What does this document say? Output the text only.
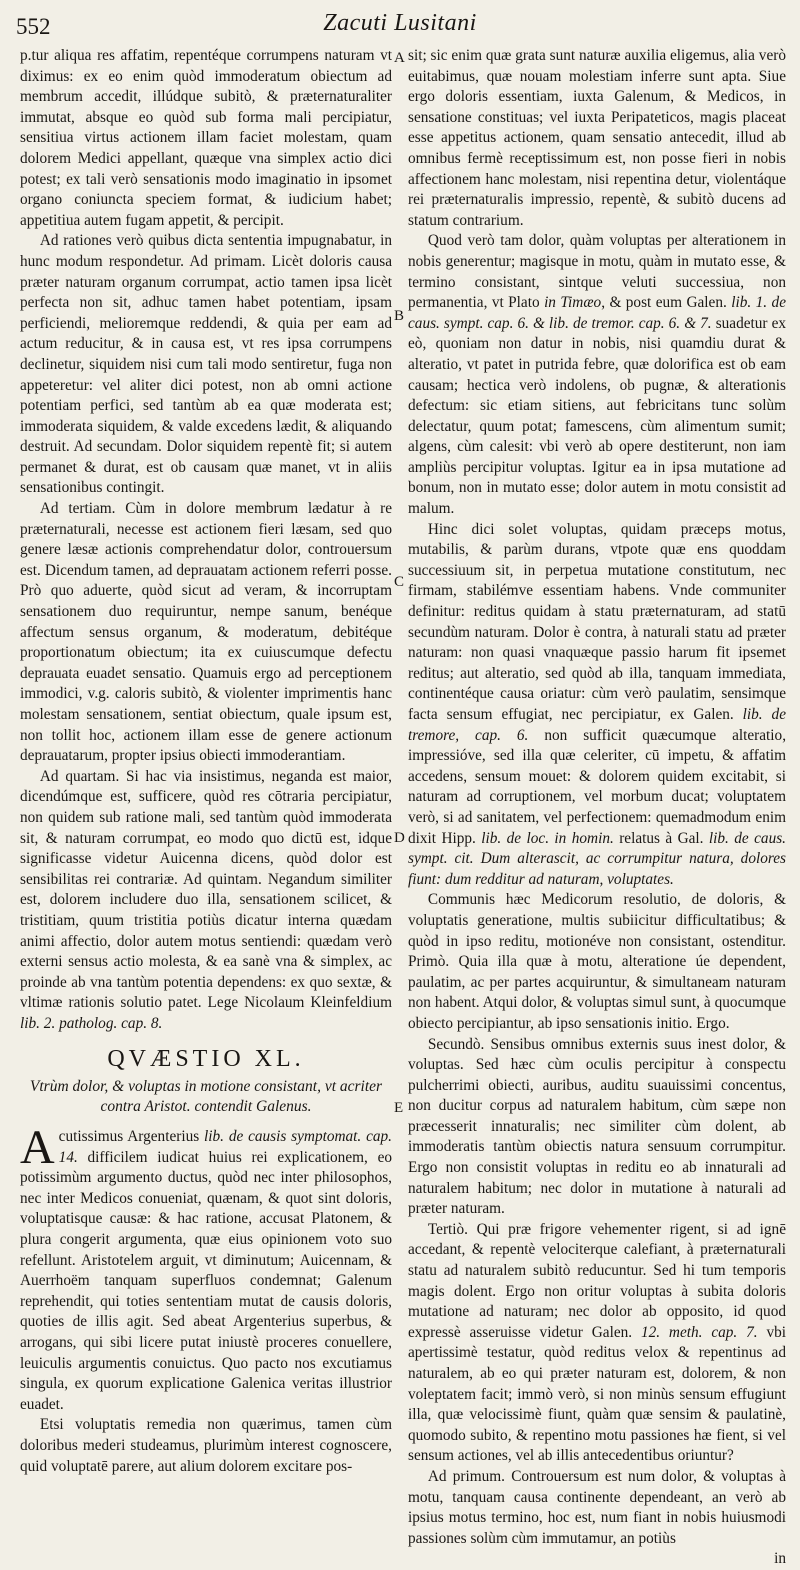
552	Zacuti Lusitani

p.tur aliqua res affatim, repentéque corrumpens naturam vt diximus: ex eo enim quòd immoderatum obiectum ad membrum accedit, illúdque subitò, & præternaturaliter immutat, absque eo quòd sub forma mali percipiatur, sensitiua virtus actionem illam faciet molestam, quam dolorem Medici appellant, quæque vna simplex actio dici potest; ex tali verò sensationis modo imaginatio in ipsomet organo coniuncta speciem format, & iudicium habet; appetitiua autem fugam appetit, & percipit.

Ad rationes verò quibus dicta sententia impugnabatur, in hunc modum respondetur. Ad primam. Licèt doloris causa præter naturam organum corrumpat, actio tamen ipsa licèt perfecta non sit, adhuc tamen habet potentiam, ipsam perficiendi, melioremque reddendi, & quia per eam ad actum reducitur, & in causa est, vt res ipsa corrumpens declinetur, siquidem nisi cum tali modo sentiretur, fuga non appeteretur: vel aliter dici potest, non ab omni actione potentiam perfici, sed tantùm ab ea quæ moderata est; immoderata siquidem, & valde excedens lædit, & aliquando destruit. Ad secundam. Dolor siquidem repentè fit; si autem permanet & durat, est ob causam quæ manet, vt in aliis sensationibus contingit.

Ad tertiam. Cùm in dolore membrum lædatur à re præternaturali, necesse est actionem fieri læsam, sed quo genere læsæ actionis comprehendatur dolor, controuersum est. Dicendum tamen, ad deprauatam actionem referri posse. Prò quo aduerte, quòd sicut ad veram, & incorruptam sensationem duo requiruntur, nempe sanum, benéque affectum sensus organum, & moderatum, debitéque proportionatum obiectum; ita ex cuiuscumque defectu deprauata euadet sensatio. Quamuis ergo ad perceptionem immodici, v.g. caloris subitò, & violenter imprimentis hanc molestam sensationem, sentiat obiectum, quale ipsum est, non tollit hoc, actionem illam esse de genere actionum deprauatarum, propter ipsius obiecti immoderantiam.

Ad quartam. Si hac via insistimus, neganda est maior, dicendúmque est, sufficere, quòd res cōtraria percipiatur, non quidem sub ratione mali, sed tantùm quòd immoderata sit, & naturam corrumpat, eo modo quo dictū est, idque significasse videtur Auicenna dicens, quòd dolor est sensibilitas rei contrariæ. Ad quintam. Negandum similiter est, dolorem includere duo illa, sensationem scilicet, & tristitiam, quum tristitia potiùs dicatur interna quædam animi affectio, dolor autem motus sentiendi: quædam verò externi sensus actio molesta, & ea sanè vna & simplex, ac proinde ab vna tantùm potentia dependens: ex quo sextæ, & vltimæ rationis solutio patet. Lege Nicolaum Kleinfeldium lib. 2. patholog. cap. 8.

QVÆSTIO XL.
Vtrùm dolor, & voluptas in motione consistant, vt acriter contra Aristot. contendit Galenus.

Acutissimus Argenterius lib. de causis symptomat. cap. 14. difficilem iudicat huius rei explicationem, eo potissimùm argumento ductus, quòd nec inter philosophos, nec inter Medicos conueniat, quænam, & quot sint doloris, voluptatisque causæ: & hac ratione, accusat Platonem, & plura congerit argumenta, quæ eius opinionem voto suo refellunt. Aristotelem arguit, vt diminutum; Auicennam, & Auerrhoëm tanquam superfluos condemnat; Galenum reprehendit, qui toties sententiam mutat de causis doloris, quoties de illis agit. Sed abeat Argenterius superbus, & arrogans, qui sibi licere putat iniustè proceres conuellere, leuiculis argumentis conuictus. Quo pacto nos excutiamus singula, ex quorum explicatione Galenica veritas illustrior euadet.

Etsi voluptatis remedia non quærimus, tamen cùm doloribus mederi studeamus, plurimùm interest cognoscere, quid voluptatē parere, aut alium dolorem excitare pos-

sit; sic enim quæ grata sunt naturæ auxilia eligemus, alia verò euitabimus, quæ nouam molestiam inferre sunt apta. Siue ergo doloris essentiam, iuxta Galenum, & Medicos, in sensatione constituas; vel iuxta Peripateticos, magis placeat esse appetitus actionem, quam sensatio antecedit, illud ab omnibus fermè receptissimum est, non posse fieri in nobis affectionem hanc molestam, nisi repentina detur, violentáque rei præternaturalis impressio, repentè, & subitò ducens ad statum contrarium.

Quod verò tam dolor, quàm voluptas per alterationem in nobis generentur; magisque in motu, quàm in mutato esse, & termino consistant, sintque veluti successiua, non permanentia, vt Plato in Timæo, & post eum Galen. lib. 1. de caus. sympt. cap. 6. & lib. de tremor. cap. 6. & 7. suadetur ex eò, quoniam non datur in nobis, nisi quamdiu durat & alteratio, vt patet in putrida febre, quæ dolorifica est ob eam causam; hectica verò indolens, ob pugnæ, & alterationis defectum: sic etiam sitiens, aut febricitans tunc solùm delectatur, quum potat; famescens, cùm alimentum sumit; algens, cùm calesit: vbi verò ab opere destiterunt, non iam ampliùs percipitur voluptas. Igitur ea in ipsa mutatione ad bonum, non in mutato esse; dolor autem in motu consistit ad malum.

Hinc dici solet voluptas, quidam præceps motus, mutabilis, & parùm durans, vtpote quæ ens quoddam successiuum sit, in perpetua mutatione constitutum, nec firmam, stabilémve essentiam habens. Vnde communiter definitur: reditus quidam à statu præternaturam, ad statū secundùm naturam. Dolor è contra, à naturali statu ad præter naturam: non quasi vnaquæque passio harum fit ipsemet reditus; aut alteratio, sed quòd ab illa, tanquam immediata, continentéque causa oriatur: cùm verò paulatim, sensimque facta sensum effugiat, nec percipiatur, ex Galen. lib. de tremore, cap. 6. non sufficit quæcumque alteratio, impressióve, sed illa quæ celeriter, cū impetu, & affatim accedens, sensum mouet: & dolorem quidem excitabit, si naturam ad corruptionem, vel morbum ducat; voluptatem verò, si ad sanitatem, vel perfectionem: quemadmodum enim dixit Hipp. lib. de loc. in homin. relatus à Gal. lib. de caus. sympt. cit. Dum alterascit, ac corrumpitur natura, dolores fiunt: dum redditur ad naturam, voluptates.

Communis hæc Medicorum resolutio, de doloris, & voluptatis generatione, multis subiicitur difficultatibus; & quòd in ipso reditu, motionéve non consistant, ostenditur. Primò. Quia illa quæ à motu, alteratione úe dependent, paulatim, ac per partes acquiruntur, & simultaneam naturam non habent. Atqui dolor, & voluptas simul sunt, à quocumque obiecto percipiantur, ab ipso sensationis initio. Ergo.

Secundò. Sensibus omnibus externis suus inest dolor, & voluptas. Sed hæc cùm oculis percipitur à conspectu pulcherrimi obiecti, auribus, auditu suauissimi concentus, non ducitur corpus ad naturalem habitum, cùm sæpe non præcesserit innaturalis; nec similiter cùm dolent, ab immoderatis tantùm obiectis natura sensuum corrumpitur. Ergo non consistit voluptas in reditu eo ab innaturali ad naturalem habitum; nec dolor in mutatione à naturali ad præter naturam.

Tertiò. Qui præ frigore vehementer rigent, si ad ignē accedant, & repentè velociterque calefiant, à præternaturali statu ad naturalem subitò reducuntur. Sed hi tum temporis magis dolent. Ergo non oritur voluptas à subita doloris mutatione ad naturam; nec dolor ab opposito, id quod expressè asseruisse videtur Galen. 12. meth. cap. 7. vbi apertissimè testatur, quòd reditus velox & repentinus ad naturalem, ab eo qui præter naturam est, dolorem, & non voleptatem facit; immò verò, si non minùs sensum effugiunt illa, quæ velocissimè fiunt, quàm quæ sensim & paulatinè, quomodo subito, & repentino motu passiones hæ fient, si vel sensum actiones, vel ab illis antecedentibus oriuntur?

Ad primum. Controuersum est num dolor, & voluptas à motu, tanquam causa continente dependeant, an verò ab ipsius motus termino, hoc est, num fiant in nobis huiusmodi passiones solùm cùm immutamur, an potiùs

in

A
B
C
D
E
